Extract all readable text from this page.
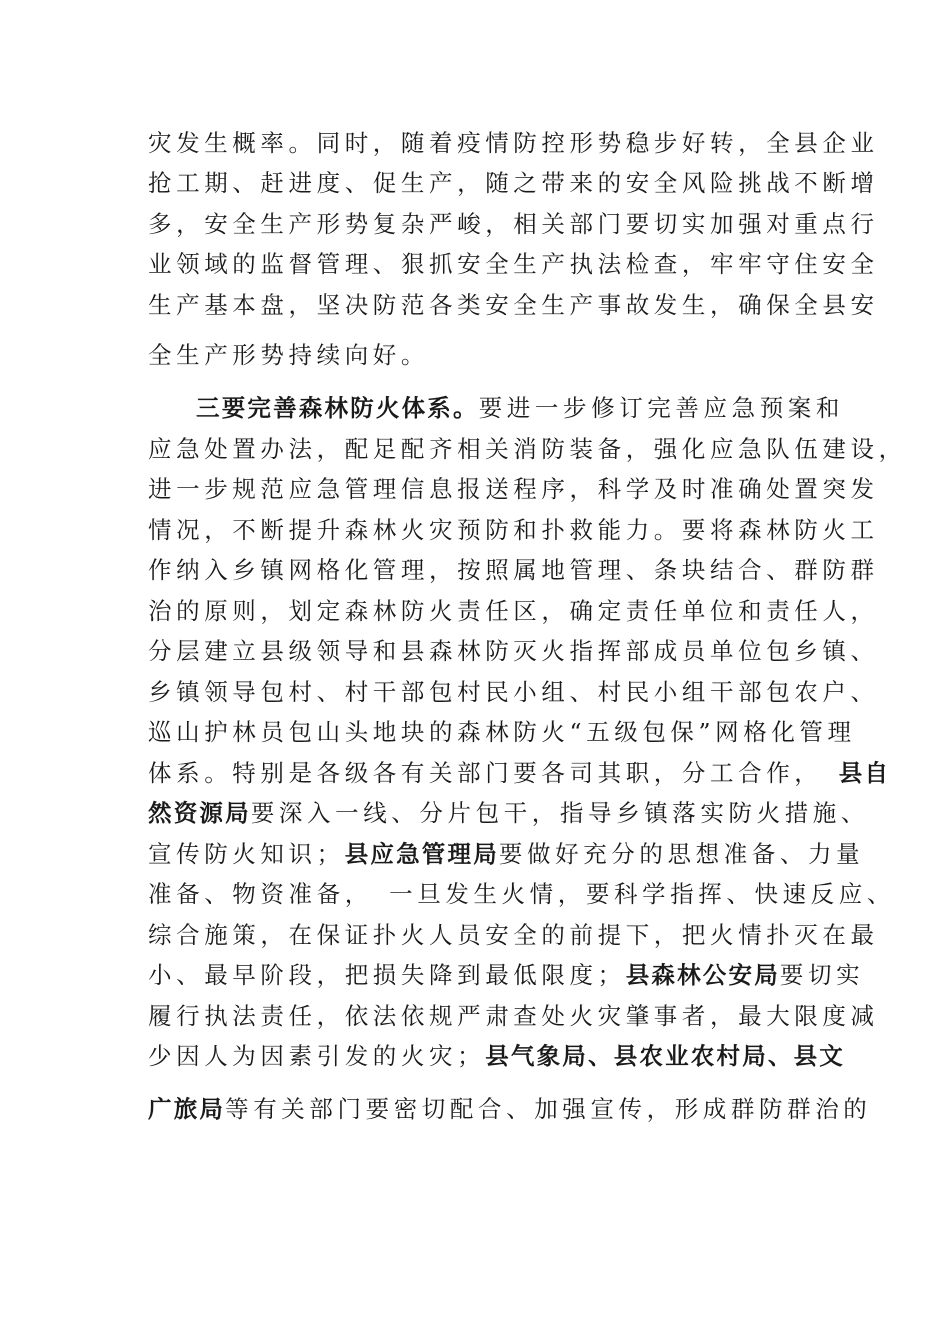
灾发生概率。同时，随着疫情防控形势稳步好转，全县企业
抢工期、赶进度、促生产，随之带来的安全风险挑战不断增
多，安全生产形势复杂严峻，相关部门要切实加强对重点行
业领域的监督管理、狠抓安全生产执法检查，牢牢守住安全
生产基本盘，坚决防范各类安全生产事故发生，确保全县安
全生产形势持续向好。
三要完善森林防火体系。要进一步修订完善应急预案和
应急处置办法，配足配齐相关消防装备，强化应急队伍建设，
进一步规范应急管理信息报送程序，科学及时准确处置突发
情况，不断提升森林火灾预防和扑救能力。要将森林防火工
作纳入乡镇网格化管理，按照属地管理、条块结合、群防群
治的原则，划定森林防火责任区，确定责任单位和责任人，
分层建立县级领导和县森林防灭火指挥部成员单位包乡镇、
乡镇领导包村、村干部包村民小组、村民小组干部包农户、
巡山护林员包山头地块的森林防火“五级包保”网格化管理
体系。特别是各级各有关部门要各司其职，分工合作，　 县自
然资源局要深入一线、分片包干，指导乡镇落实防火措施、
宣传防火知识；县应急管理局要做好充分的思想准备、力量
准备、物资准备，　一旦发生火情，要科学指挥、快速反应、
综合施策，在保证扑火人员安全的前提下，把火情扑灭在最
小、最早阶段，把损失降到最低限度；县森林公安局要切实
履行执法责任，依法依规严肃查处火灾肇事者，最大限度减
少因人为因素引发的火灾；县气象局、县农业农村局、县文
广旅局等有关部门要密切配合、加强宣传，形成群防群治的
